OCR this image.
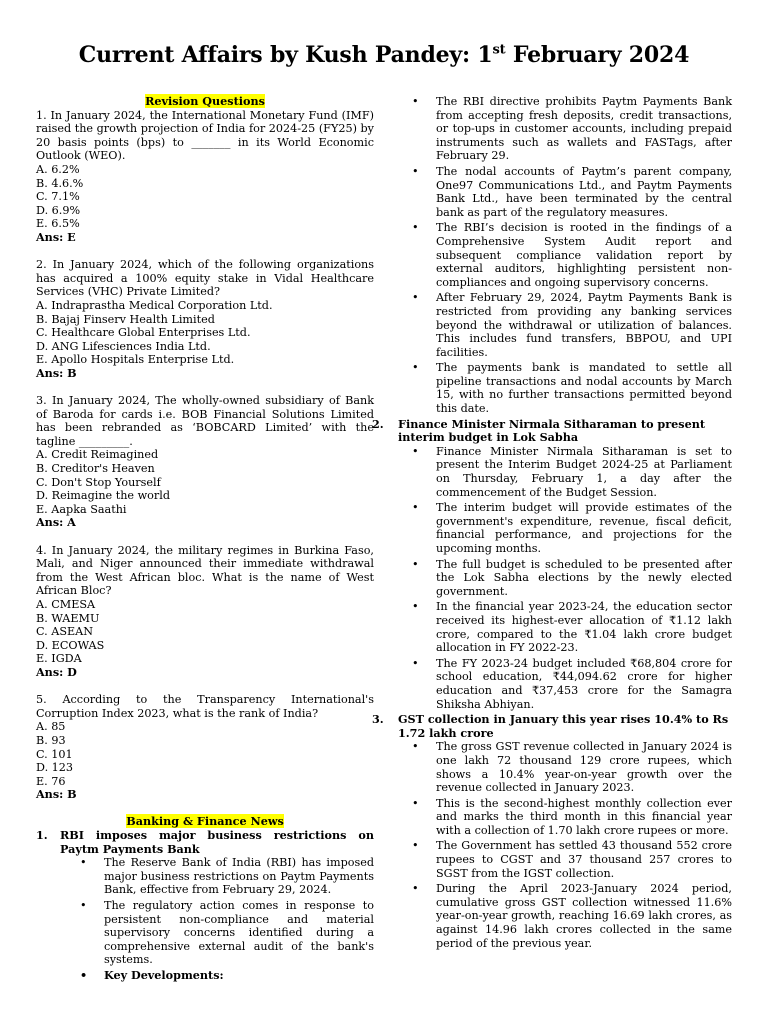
Current Affairs by Kush Pandey: 1st February 2024
Revision Questions
1. In January 2024, the International Monetary Fund (IMF) raised the growth projection of India for 2024-25 (FY25) by 20 basis points (bps) to _______ in its World Economic Outlook (WEO).
A. 6.2%
B. 4.6.%
C. 7.1%
D. 6.9%
E. 6.5%
Ans: E
2. In January 2024, which of the following organizations has acquired a 100% equity stake in Vidal Healthcare Services (VHC) Private Limited?
A. Indraprastha Medical Corporation Ltd.
B. Bajaj Finserv Health Limited
C. Healthcare Global Enterprises Ltd.
D. ANG Lifesciences India Ltd.
E. Apollo Hospitals Enterprise Ltd.
Ans: B
3. In January 2024, The wholly-owned subsidiary of Bank of Baroda for cards i.e. BOB Financial Solutions Limited has been rebranded as ‘BOBCARD Limited’ with the tagline _________.
A. Credit Reimagined
B. Creditor's Heaven
C. Don't Stop Yourself
D. Reimagine the world
E. Aapka Saathi
Ans: A
4. In January 2024, the military regimes in Burkina Faso, Mali, and Niger announced their immediate withdrawal from the West African bloc. What is the name of West African Bloc?
A. CMESA
B. WAEMU
C. ASEAN
D. ECOWAS
E. IGDA
Ans: D
5. According to the Transparency International's Corruption Index 2023, what is the rank of India?
A. 85
B. 93
C. 101
D. 123
E. 76
Ans: B
Banking & Finance News
1. RBI imposes major business restrictions on Paytm Payments Bank
• The Reserve Bank of India (RBI) has imposed major business restrictions on Paytm Payments Bank, effective from February 29, 2024.
• The regulatory action comes in response to persistent non-compliance and material supervisory concerns identified during a comprehensive external audit of the bank's systems.
• Key Developments:
• The RBI directive prohibits Paytm Payments Bank from accepting fresh deposits, credit transactions, or top-ups in customer accounts, including prepaid instruments such as wallets and FASTags, after February 29.
• The nodal accounts of Paytm’s parent company, One97 Communications Ltd., and Paytm Payments Bank Ltd., have been terminated by the central bank as part of the regulatory measures.
• The RBI’s decision is rooted in the findings of a Comprehensive System Audit report and subsequent compliance validation report by external auditors, highlighting persistent non-compliances and ongoing supervisory concerns.
• After February 29, 2024, Paytm Payments Bank is restricted from providing any banking services beyond the withdrawal or utilization of balances. This includes fund transfers, BBPOU, and UPI facilities.
• The payments bank is mandated to settle all pipeline transactions and nodal accounts by March 15, with no further transactions permitted beyond this date.
2. Finance Minister Nirmala Sitharaman to present interim budget in Lok Sabha
• Finance Minister Nirmala Sitharaman is set to present the Interim Budget 2024-25 at Parliament on Thursday, February 1, a day after the commencement of the Budget Session.
• The interim budget will provide estimates of the government's expenditure, revenue, fiscal deficit, financial performance, and projections for the upcoming months.
• The full budget is scheduled to be presented after the Lok Sabha elections by the newly elected government.
• In the financial year 2023-24, the education sector received its highest-ever allocation of ₹1.12 lakh crore, compared to the ₹1.04 lakh crore budget allocation in FY 2022-23.
• The FY 2023-24 budget included ₹68,804 crore for school education, ₹44,094.62 crore for higher education and ₹37,453 crore for the Samagra Shiksha Abhiyan.
3. GST collection in January this year rises 10.4% to Rs 1.72 lakh crore
• The gross GST revenue collected in January 2024 is one lakh 72 thousand 129 crore rupees, which shows a 10.4% year-on-year growth over the revenue collected in January 2023.
• This is the second-highest monthly collection ever and marks the third month in this financial year with a collection of 1.70 lakh crore rupees or more.
• The Government has settled 43 thousand 552 crore rupees to CGST and 37 thousand 257 crores to SGST from the IGST collection.
• During the April 2023-January 2024 period, cumulative gross GST collection witnessed 11.6% year-on-year growth, reaching 16.69 lakh crores, as against 14.96 lakh crores collected in the same period of the previous year.
